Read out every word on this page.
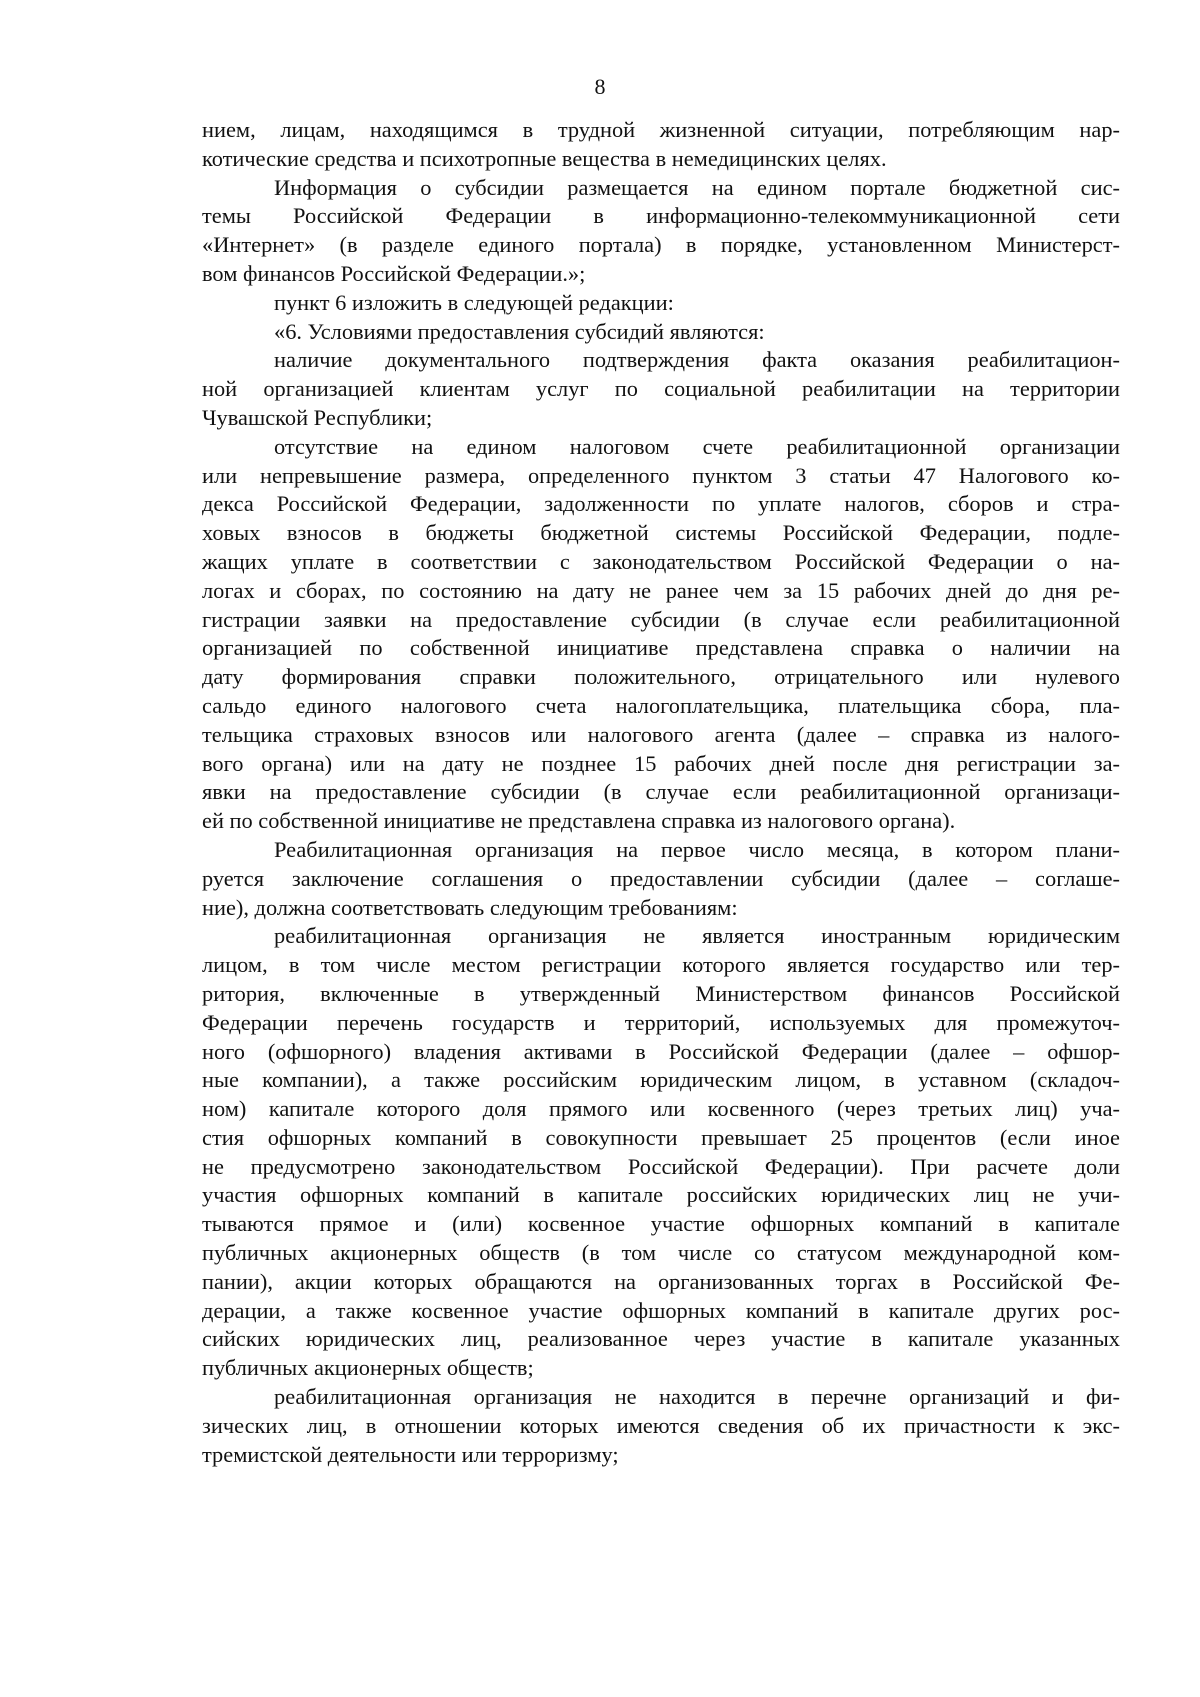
8
нием, лицам, находящимся в трудной жизненной ситуации, потребляющим нар-
котические средства и психотропные вещества в немедицинских целях.
Информация о субсидии размещается на едином портале бюджетной сис-
темы Российской Федерации в информационно-телекоммуникационной сети
«Интернет» (в разделе единого портала) в порядке, установленном Министерст-
вом финансов Российской Федерации.»;
пункт 6 изложить в следующей редакции:
«6. Условиями предоставления субсидий являются:
наличие документального подтверждения факта оказания реабилитацион-
ной организацией клиентам услуг по социальной реабилитации на территории
Чувашской Республики;
отсутствие на едином налоговом счете реабилитационной организации
или непревышение размера, определенного пунктом 3 статьи 47 Налогового ко-
декса Российской Федерации, задолженности по уплате налогов, сборов и стра-
ховых взносов в бюджеты бюджетной системы Российской Федерации, подле-
жащих уплате в соответствии с законодательством Российской Федерации о на-
логах и сборах, по состоянию на дату не ранее чем за 15 рабочих дней до дня ре-
гистрации заявки на предоставление субсидии (в случае если реабилитационной
организацией по собственной инициативе представлена справка о наличии на
дату формирования справки положительного, отрицательного или нулевого
сальдо единого налогового счета налогоплательщика, плательщика сбора, пла-
тельщика страховых взносов или налогового агента (далее – справка из налого-
вого органа) или на дату не позднее 15 рабочих дней после дня регистрации за-
явки на предоставление субсидии (в случае если реабилитационной организаци-
ей по собственной инициативе не представлена справка из налогового органа).
Реабилитационная организация на первое число месяца, в котором плани-
руется заключение соглашения о предоставлении субсидии (далее – соглаше-
ние), должна соответствовать следующим требованиям:
реабилитационная организация не является иностранным юридическим
лицом, в том числе местом регистрации которого является государство или тер-
ритория, включенные в утвержденный Министерством финансов Российской
Федерации перечень государств и территорий, используемых для промежуточ-
ного (офшорного) владения активами в Российской Федерации (далее – офшор-
ные компании), а также российским юридическим лицом, в уставном (складоч-
ном) капитале которого доля прямого или косвенного (через третьих лиц) уча-
стия офшорных компаний в совокупности превышает 25 процентов (если иное
не предусмотрено законодательством Российской Федерации). При расчете доли
участия офшорных компаний в капитале российских юридических лиц не учи-
тываются прямое и (или) косвенное участие офшорных компаний в капитале
публичных акционерных обществ (в том числе со статусом международной ком-
пании), акции которых обращаются на организованных торгах в Российской Фе-
дерации, а также косвенное участие офшорных компаний в капитале других рос-
сийских юридических лиц, реализованное через участие в капитале указанных
публичных акционерных обществ;
реабилитационная организация не находится в перечне организаций и фи-
зических лиц, в отношении которых имеются сведения об их причастности к экс-
тремистской деятельности или терроризму;
